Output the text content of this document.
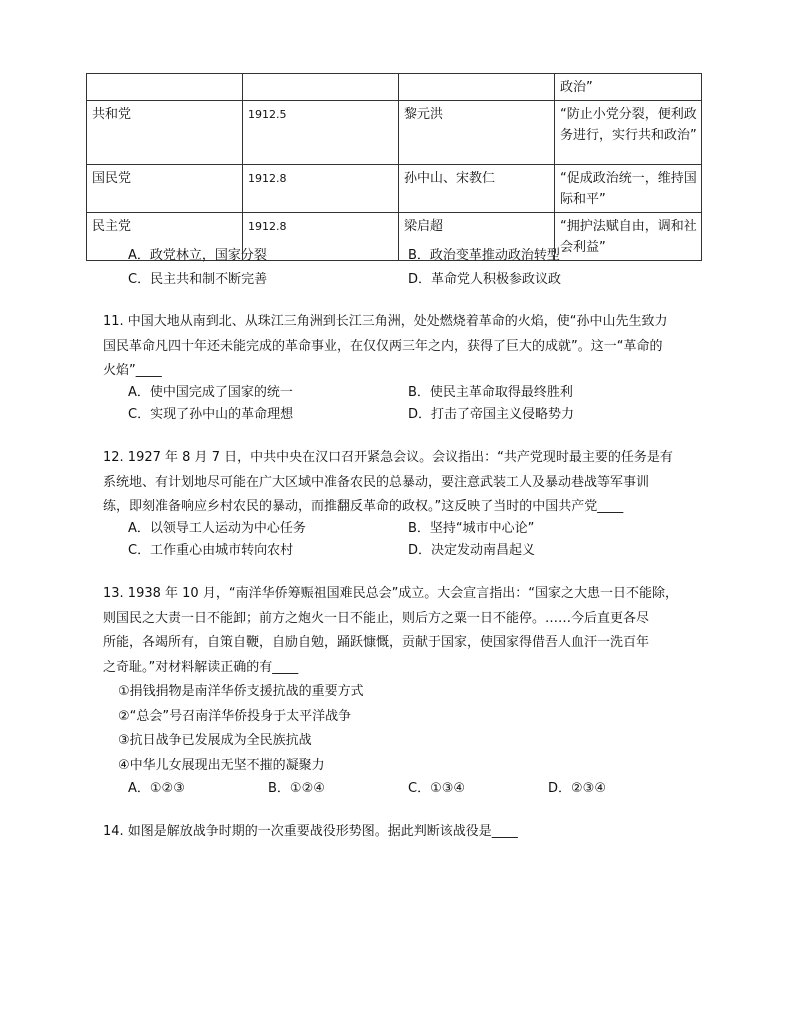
			政治”
共和党	1912.5	黎元洪	“防止小党分裂，便利政务进行，实行共和政治”
国民党	1912.8	孙中山、宋教仁	“促成政治统一，维持国际和平”
民主党	1912.8	梁启超	“拥护法赋自由，调和社会利益”
A．政党林立，国家分裂	B．政治变革推动政治转型
C．民主共和制不断完善	D．革命党人积极参政议政
11. 中国大地从南到北、从珠江三角洲到长江三角洲，处处燃烧着革命的火焰，使“孙中山先生致力
国民革命凡四十年还未能完成的革命事业，在仅仅两三年之内，获得了巨大的成就”。这一“革命的
火焰”____
A．使中国完成了国家的统一	B．使民主革命取得最终胜利
C．实现了孙中山的革命理想	D．打击了帝国主义侵略势力
12. 1927 年 8 月 7 日，中共中央在汉口召开紧急会议。会议指出：“共产党现时最主要的任务是有
系统地、有计划地尽可能在广大区域中准备农民的总暴动，要注意武装工人及暴动巷战等军事训
练，即刻准备响应乡村农民的暴动，而推翻反革命的政权。”这反映了当时的中国共产党____
A．以领导工人运动为中心任务	B．坚持“城市中心论”
C．工作重心由城市转向农村	D．决定发动南昌起义
13. 1938 年 10 月，“南洋华侨筹赈祖国难民总会”成立。大会宣言指出：“国家之大患一日不能除，
则国民之大责一日不能卸；前方之炮火一日不能止，则后方之粟一日不能停。……今后直更各尽
所能，各竭所有，自策自鞭，自励自勉，踊跃慷慨，贡献于国家，使国家得借吾人血汗一洗百年
之奇耻。”对材料解读正确的有____
①捐钱捐物是南洋华侨支援抗战的重要方式
②“总会”号召南洋华侨投身于太平洋战争
③抗日战争已发展成为全民族抗战
④中华儿女展现出无坚不摧的凝聚力
A．①②③	B．①②④	C．①③④	D．②③④
14. 如图是解放战争时期的一次重要战役形势图。据此判断该战役是____
